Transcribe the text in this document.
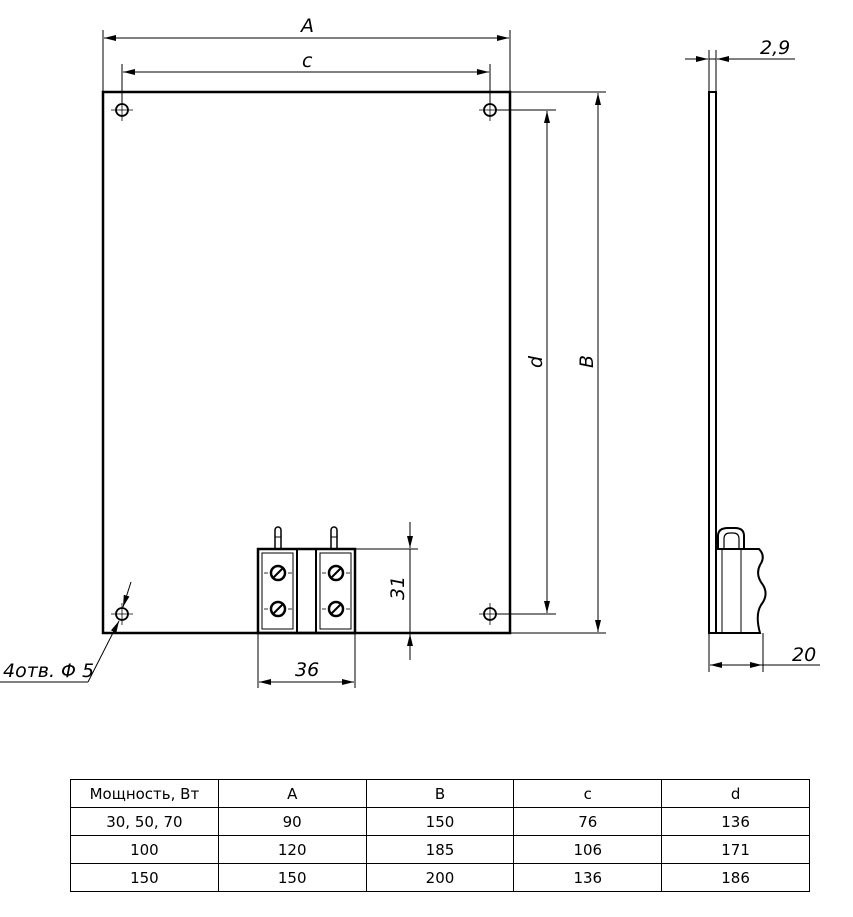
A
c
d B
31
36
2,9
20
4отв. Φ 5
Мощность, Вт	A	B	c	d
30, 50, 70	90	150	76	136
100	120	185	106	171
150	150	200	136	186
